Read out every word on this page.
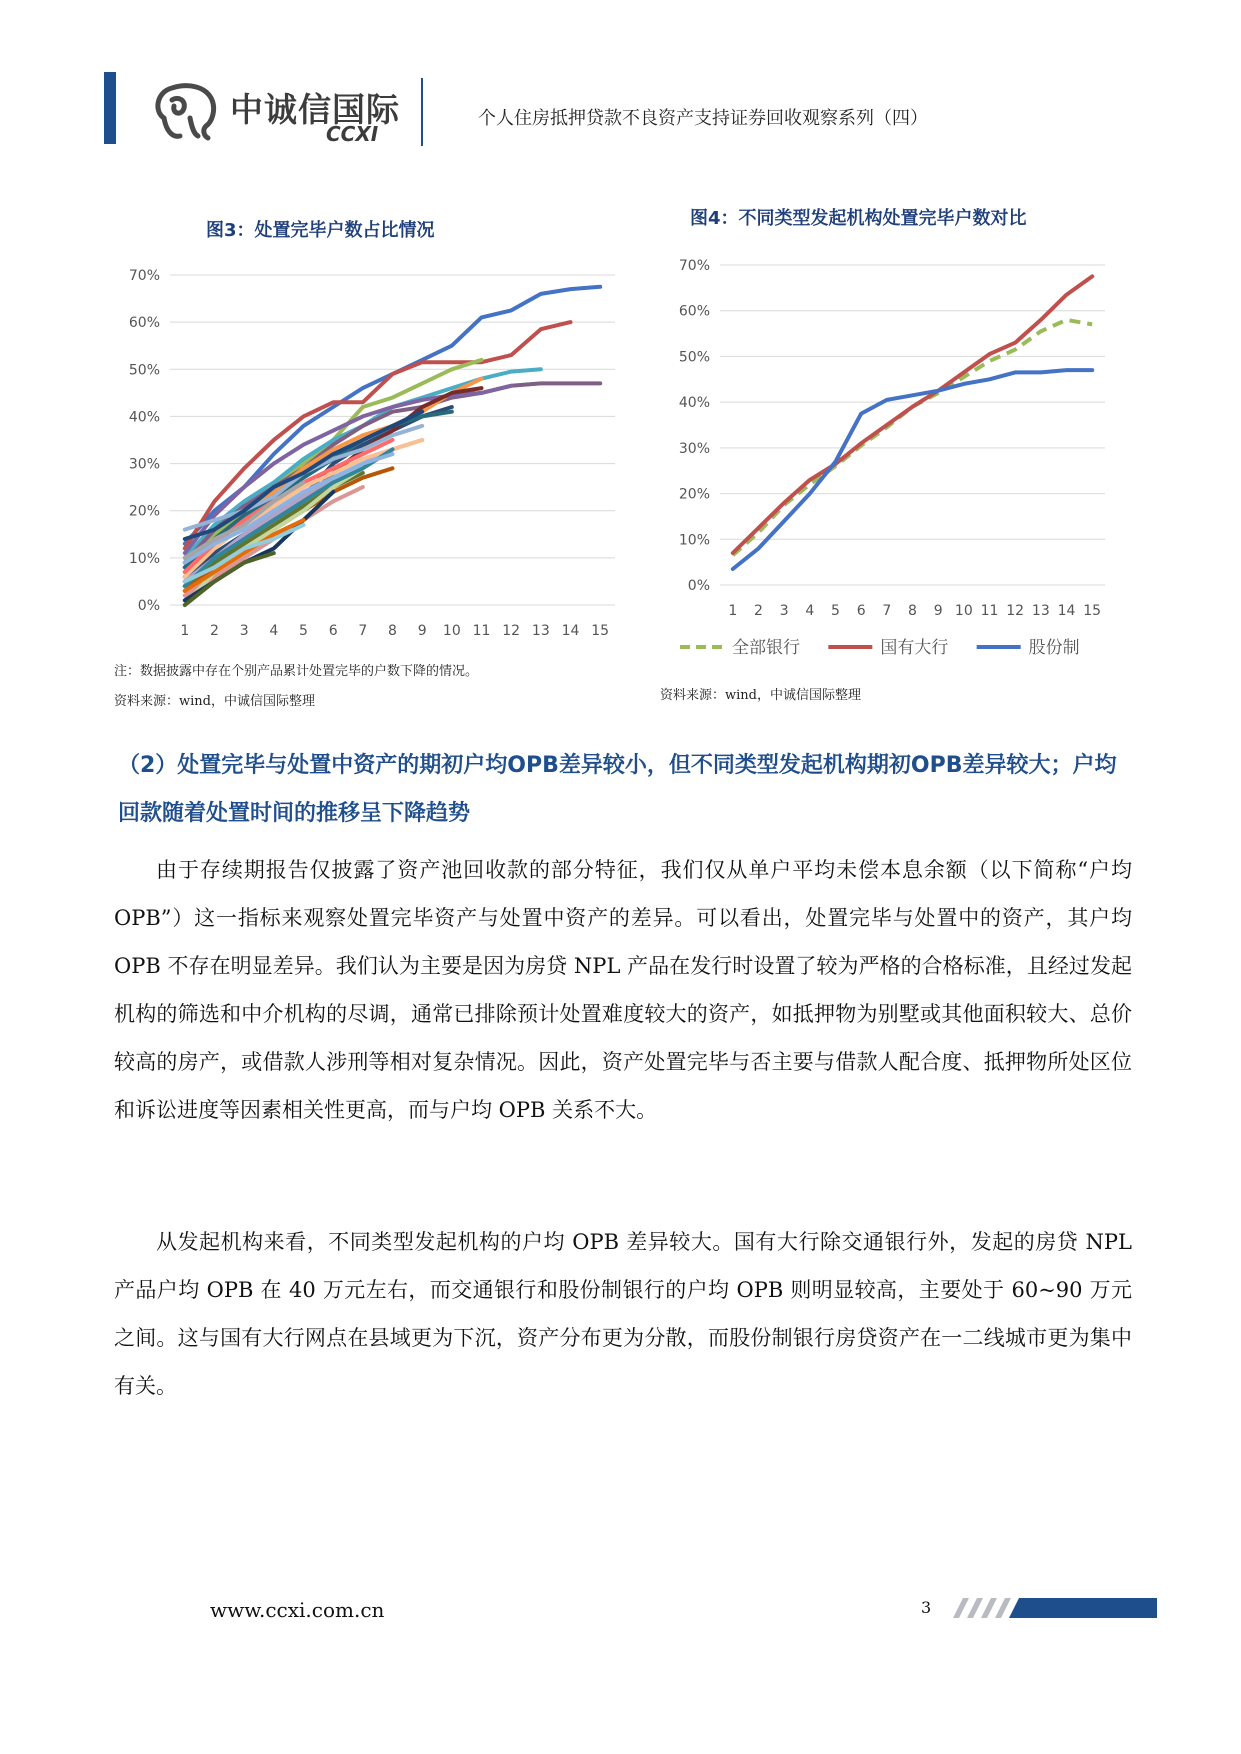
中诚信国际
CCXI
个人住房抵押贷款不良资产支持证券回收观察系列（四）
图3：处置完毕户数占比情况
0%
10%
20%
30%
40%
50%
60%
70%
1 2 3 4 5 6 7 8 9 10 11 12 13 14 15
注：数据披露中存在个别产品累计处置完毕的户数下降的情况。
资料来源：wind，中诚信国际整理
图4：不同类型发起机构处置完毕户数对比
0%
10%
20%
30%
40%
50%
60%
70%
1 2 3 4 5 6 7 8 9 10 11 12 13 14 15
全部银行	国有大行	股份制
资料来源：wind，中诚信国际整理
（2）处置完毕与处置中资产的期初户均OPB差异较小，但不同类型发起机构期初OPB差异较大；户均回款随着处置时间的推移呈下降趋势
由于存续期报告仅披露了资产池回收款的部分特征，我们仅从单户平均未偿本息余额（以下简称“户均 OPB”）这一指标来观察处置完毕资产与处置中资产的差异。可以看出，处置完毕与处置中的资产，其户均 OPB 不存在明显差异。我们认为主要是因为房贷 NPL 产品在发行时设置了较为严格的合格标准，且经过发起机构的筛选和中介机构的尽调，通常已排除预计处置难度较大的资产，如抵押物为别墅或其他面积较大、总价较高的房产，或借款人涉刑等相对复杂情况。因此，资产处置完毕与否主要与借款人配合度、抵押物所处区位和诉讼进度等因素相关性更高，而与户均 OPB 关系不大。
从发起机构来看，不同类型发起机构的户均 OPB 差异较大。国有大行除交通银行外，发起的房贷 NPL 产品户均 OPB 在 40 万元左右，而交通银行和股份制银行的户均 OPB 则明显较高，主要处于 60~90 万元之间。这与国有大行网点在县域更为下沉，资产分布更为分散，而股份制银行房贷资产在一二线城市更为集中有关。
www.ccxi.com.cn	3
